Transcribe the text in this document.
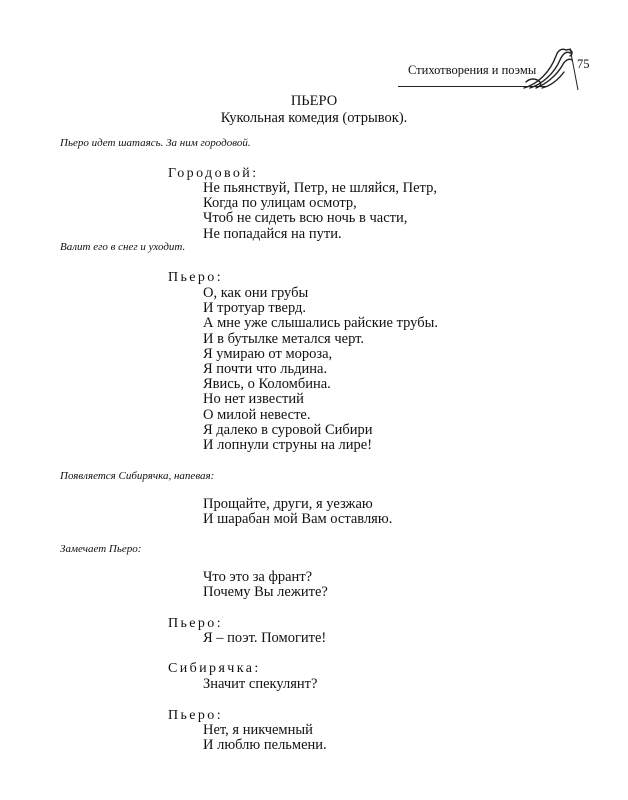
Стихотворения и поэмы	75
ПЬЕРО
Кукольная комедия (отрывок).
Пьеро идет шатаясь. За ним городовой.
Городовой:
Не пьянствуй, Петр, не шляйся, Петр,
Когда по улицам осмотр,
Чтоб не сидеть всю ночь в части,
Не попадайся на пути.
Валит его в снег и уходит.
Пьеро:
О, как они грубы
И тротуар тверд.
А мне уже слышались райские трубы.
И в бутылке метался черт.
Я умираю от мороза,
Я почти что льдина.
Явись, о Коломбина.
Но нет известий
О милой невесте.
Я далеко в суровой Сибири
И лопнули струны на лире!
Появляется Сибирячка, напевая:
Прощайте, други, я уезжаю
И шарабан мой Вам оставляю.
Замечает Пьеро:
Что это за франт?
Почему Вы лежите?
Пьеро:
Я – поэт. Помогите!
Сибирячка:
Значит спекулянт?
Пьеро:
Нет, я никчемный
И люблю пельмени.
